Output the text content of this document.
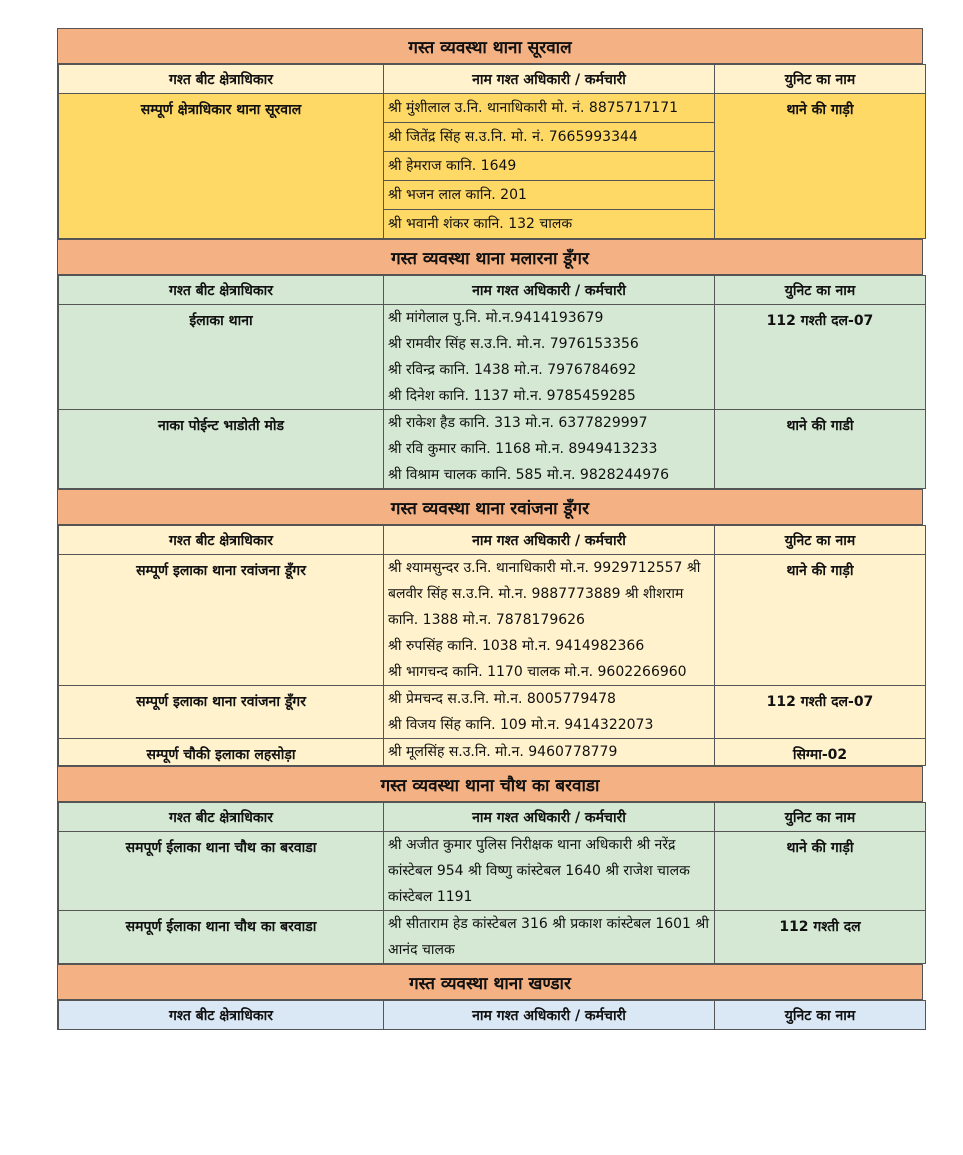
गस्त व्यवस्था थाना सूरवाल
गश्त बीट क्षेत्राधिकार	नाम गश्त अधिकारी / कर्मचारी	युनिट का नाम
सम्पूर्ण क्षेत्राधिकार थाना सूरवाल	श्री मुंशीलाल उ.नि. थानाधिकारी मो. नं. 8875717171
श्री जितेंद्र सिंह स.उ.नि. मो. नं. 7665993344
श्री हेमराज कानि. 1649
श्री भजन लाल कानि. 201
श्री भवानी शंकर कानि. 132 चालक	थाने की गाड़ी
गस्त व्यवस्था थाना मलारना डूँगर
गश्त बीट क्षेत्राधिकार	नाम गश्त अधिकारी / कर्मचारी	युनिट का नाम
ईलाका थाना	श्री मांगेलाल पु.नि. मो.न.9414193679
श्री रामवीर सिंह स.उ.नि. मो.न. 7976153356
श्री रविन्द्र कानि. 1438 मो.न. 7976784692
श्री दिनेश कानि. 1137 मो.न. 9785459285	112 गश्ती दल-07
नाका पोईन्ट भाडोती मोड	श्री राकेश हैड कानि. 313 मो.न. 6377829997
श्री रवि कुमार कानि. 1168 मो.न. 8949413233
श्री विश्राम चालक कानि. 585 मो.न. 9828244976	थाने की गाडी
गस्त व्यवस्था थाना रवांजना डूँगर
गश्त बीट क्षेत्राधिकार	नाम गश्त अधिकारी / कर्मचारी	युनिट का नाम
सम्पूर्ण इलाका थाना रवांजना डूँगर	श्री श्यामसुन्दर उ.नि. थानाधिकारी मो.न. 9929712557 श्री बलवीर सिंह स.उ.नि. मो.न. 9887773889 श्री शीशराम कानि. 1388 मो.न. 7878179626
श्री रुपसिंह कानि. 1038 मो.न. 9414982366
श्री भागचन्द कानि. 1170 चालक मो.न. 9602266960	थाने की गाड़ी
सम्पूर्ण इलाका थाना रवांजना डूँगर	श्री प्रेमचन्द स.उ.नि. मो.न. 8005779478
श्री विजय सिंह कानि. 109 मो.न. 9414322073	112 गश्ती दल-07
सम्पूर्ण चौकी इलाका लहसोड़ा	श्री मूलसिंह स.उ.नि. मो.न. 9460778779	सिग्मा-02
गस्त व्यवस्था थाना चौथ का बरवाडा
गश्त बीट क्षेत्राधिकार	नाम गश्त अधिकारी / कर्मचारी	युनिट का नाम
समपूर्ण ईलाका थाना चौथ का बरवाडा	श्री अजीत कुमार पुलिस निरीक्षक थाना अधिकारी श्री नरेंद्र कांस्टेबल 954 श्री विष्णु कांस्टेबल 1640 श्री राजेश चालक कांस्टेबल 1191	थाने की गाड़ी
समपूर्ण ईलाका थाना चौथ का बरवाडा	श्री सीताराम हेड कांस्टेबल 316 श्री प्रकाश कांस्टेबल 1601 श्री आनंद चालक	112 गश्ती दल
गस्त व्यवस्था थाना खण्डार
गश्त बीट क्षेत्राधिकार	नाम गश्त अधिकारी / कर्मचारी	युनिट का नाम
